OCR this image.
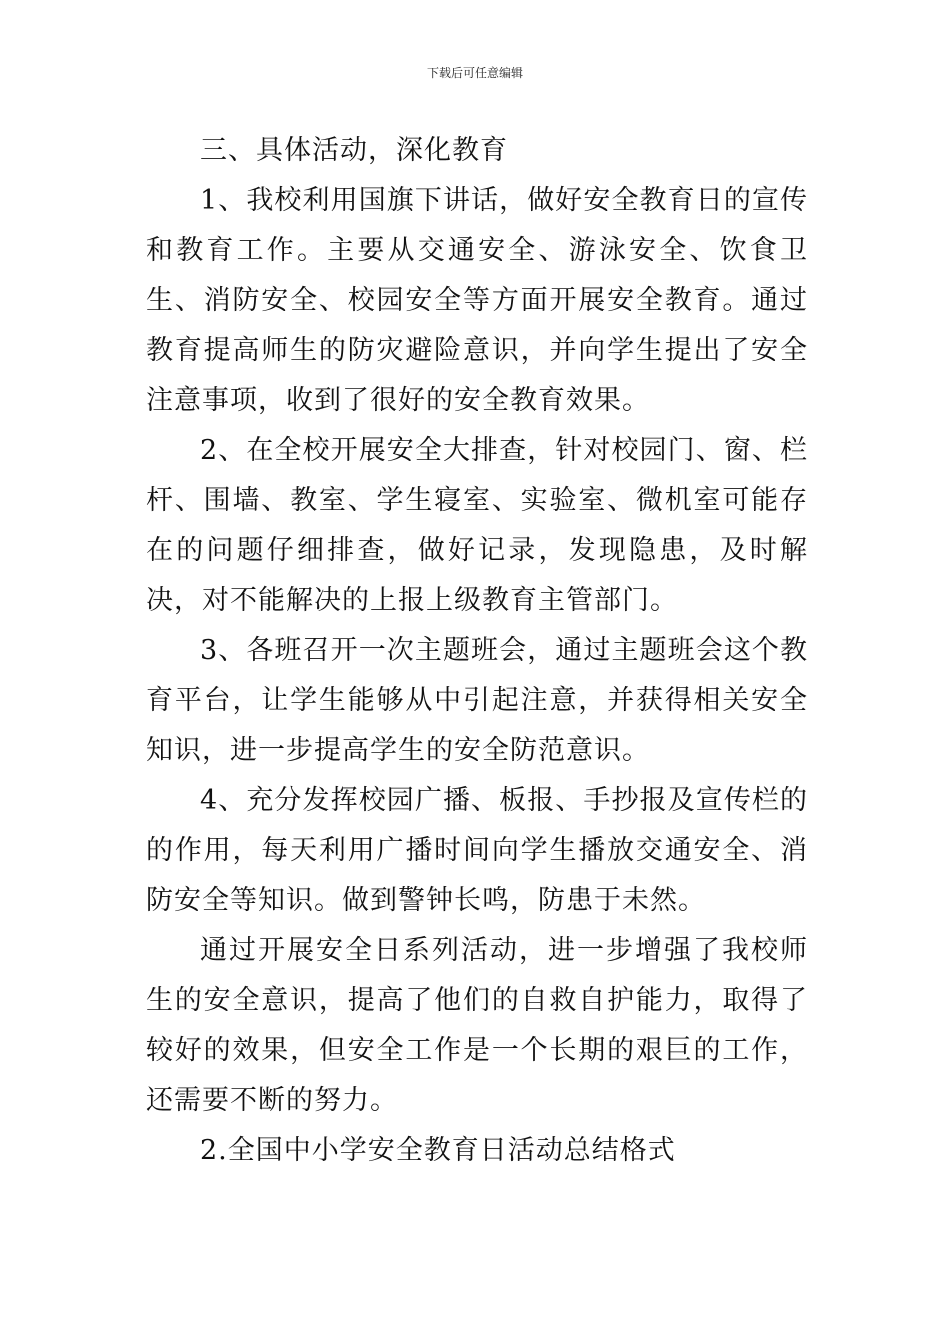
下载后可任意编辑

三、具体活动，深化教育

1、我校利用国旗下讲话，做好安全教育日的宣传和教育工作。主要从交通安全、游泳安全、饮食卫生、消防安全、校园安全等方面开展安全教育。通过教育提高师生的防灾避险意识，并向学生提出了安全注意事项，收到了很好的安全教育效果。

2、在全校开展安全大排查，针对校园门、窗、栏杆、围墙、教室、学生寝室、实验室、微机室可能存在的问题仔细排查，做好记录，发现隐患，及时解决，对不能解决的上报上级教育主管部门。

3、各班召开一次主题班会，通过主题班会这个教育平台，让学生能够从中引起注意，并获得相关安全知识，进一步提高学生的安全防范意识。

4、充分发挥校园广播、板报、手抄报及宣传栏的的作用，每天利用广播时间向学生播放交通安全、消防安全等知识。做到警钟长鸣，防患于未然。

通过开展安全日系列活动，进一步增强了我校师生的安全意识，提高了他们的自救自护能力，取得了较好的效果，但安全工作是一个长期的艰巨的工作，还需要不断的努力。

2.全国中小学安全教育日活动总结格式
